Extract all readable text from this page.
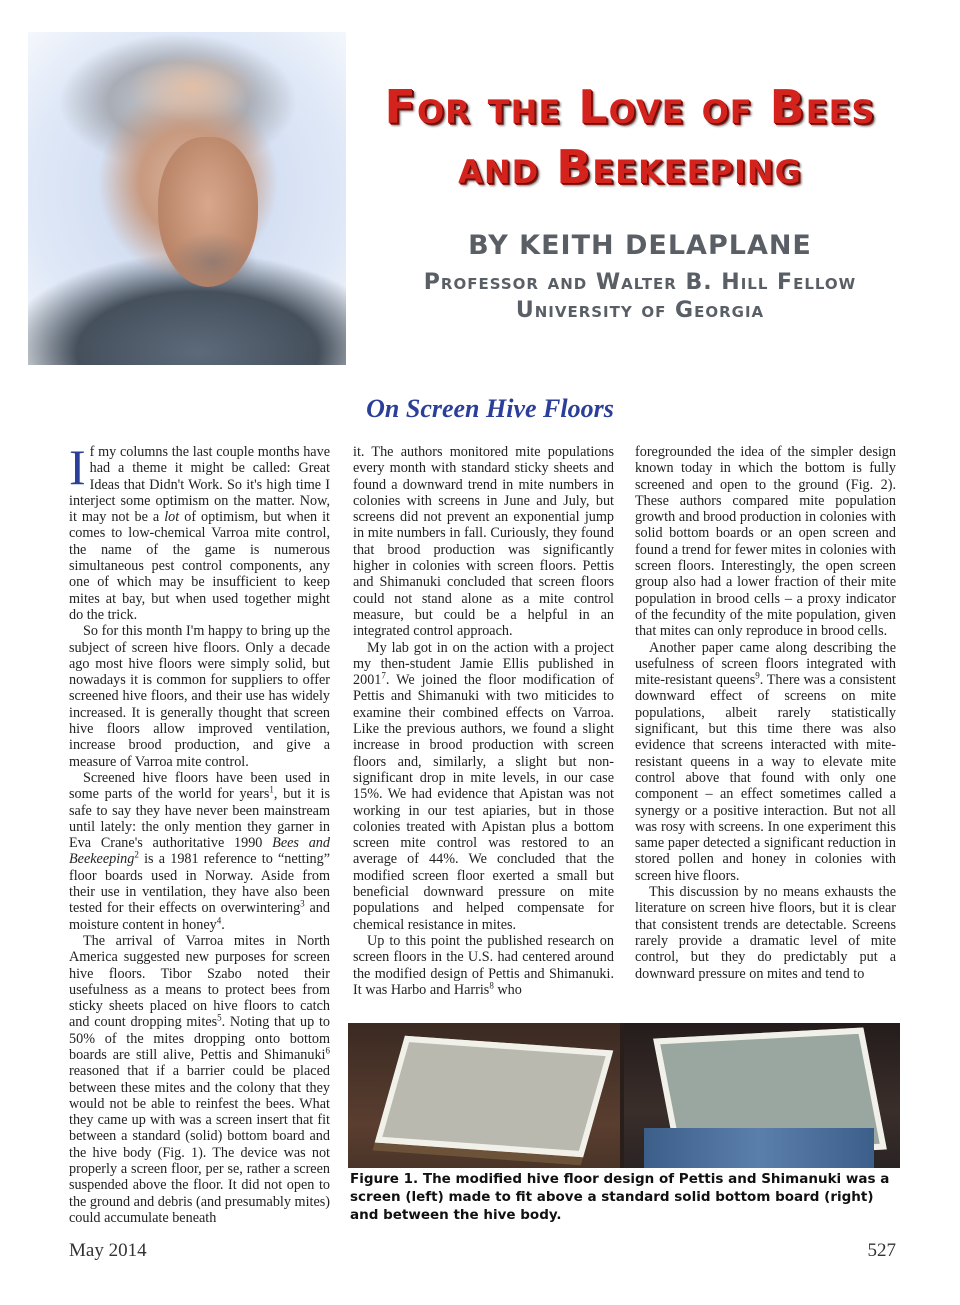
For the Love of Bees
and Beekeeping
BY KEITH DELAPLANE
Professor and Walter B. Hill Fellow
University of Georgia
On Screen Hive Floors

If my columns the last couple months have had a theme it might be called: Great Ideas that Didn't Work. So it's high time I interject some optimism on the matter. Now, it may not be a lot of optimism, but when it comes to low-chemical Varroa mite control, the name of the game is numerous simultaneous pest control components, any one of which may be insufficient to keep mites at bay, but when used together might do the trick.

So for this month I'm happy to bring up the subject of screen hive floors. Only a decade ago most hive floors were simply solid, but nowadays it is common for suppliers to offer screened hive floors, and their use has widely increased. It is generally thought that screen hive floors allow improved ventilation, increase brood production, and give a measure of Varroa mite control.

Screened hive floors have been used in some parts of the world for years$^1$, but it is safe to say they have never been mainstream until lately: the only mention they garner in Eva Crane's authoritative 1990 Bees and Beekeeping$^2$ is a 1981 reference to “netting” floor boards used in Norway. Aside from their use in ventilation, they have also been tested for their effects on overwintering$^3$ and moisture content in honey$^4$.

The arrival of Varroa mites in North America suggested new purposes for screen hive floors. Tibor Szabo noted their usefulness as a means to protect bees from sticky sheets placed on hive floors to catch and count dropping mites$^5$. Noting that up to 50% of the mites dropping onto bottom boards are still alive, Pettis and Shimanuki$^6$ reasoned that if a barrier could be placed between these mites and the colony that they would not be able to reinfest the bees. What they came up with was a screen insert that fit between a standard (solid) bottom board and the hive body (Fig. 1). The device was not properly a screen floor, per se, rather a screen suspended above the floor. It did not open to the ground and debris (and presumably mites) could accumulate beneath

it. The authors monitored mite populations every month with standard sticky sheets and found a downward trend in mite numbers in colonies with screens in June and July, but screens did not prevent an exponential jump in mite numbers in fall. Curiously, they found that brood production was significantly higher in colonies with screen floors. Pettis and Shimanuki concluded that screen floors could not stand alone as a mite control measure, but could be a helpful in an integrated control approach.

My lab got in on the action with a project my then-student Jamie Ellis published in 2001$^7$. We joined the floor modification of Pettis and Shimanuki with two miticides to examine their combined effects on Varroa. Like the previous authors, we found a slight increase in brood production with screen floors and, similarly, a slight but non-significant drop in mite levels, in our case 15%. We had evidence that Apistan was not working in our test apiaries, but in those colonies treated with Apistan plus a bottom screen mite control was restored to an average of 44%. We concluded that the modified screen floor exerted a small but beneficial downward pressure on mite populations and helped compensate for chemical resistance in mites.

Up to this point the published research on screen floors in the U.S. had centered around the modified design of Pettis and Shimanuki. It was Harbo and Harris$^8$ who

foregrounded the idea of the simpler design known today in which the bottom is fully screened and open to the ground (Fig. 2). These authors compared mite population growth and brood production in colonies with solid bottom boards or an open screen and found a trend for fewer mites in colonies with screen floors. Interestingly, the open screen group also had a lower fraction of their mite population in brood cells – a proxy indicator of the fecundity of the mite population, given that mites can only reproduce in brood cells.

Another paper came along describing the usefulness of screen floors integrated with mite-resistant queens$^9$. There was a consistent downward effect of screens on mite populations, albeit rarely statistically significant, but this time there was also evidence that screens interacted with mite-resistant queens in a way to elevate mite control above that found with only one component – an effect sometimes called a synergy or a positive interaction. But not all was rosy with screens. In one experiment this same paper detected a significant reduction in stored pollen and honey in colonies with screen hive floors.

This discussion by no means exhausts the literature on screen hive floors, but it is clear that consistent trends are detectable. Screens rarely provide a dramatic level of mite control, but they do predictably put a downward pressure on mites and tend to

Figure 1. The modified hive floor design of Pettis and Shimanuki was a screen (left) made to fit above a standard solid bottom board (right) and between the hive body.
May 2014	527
